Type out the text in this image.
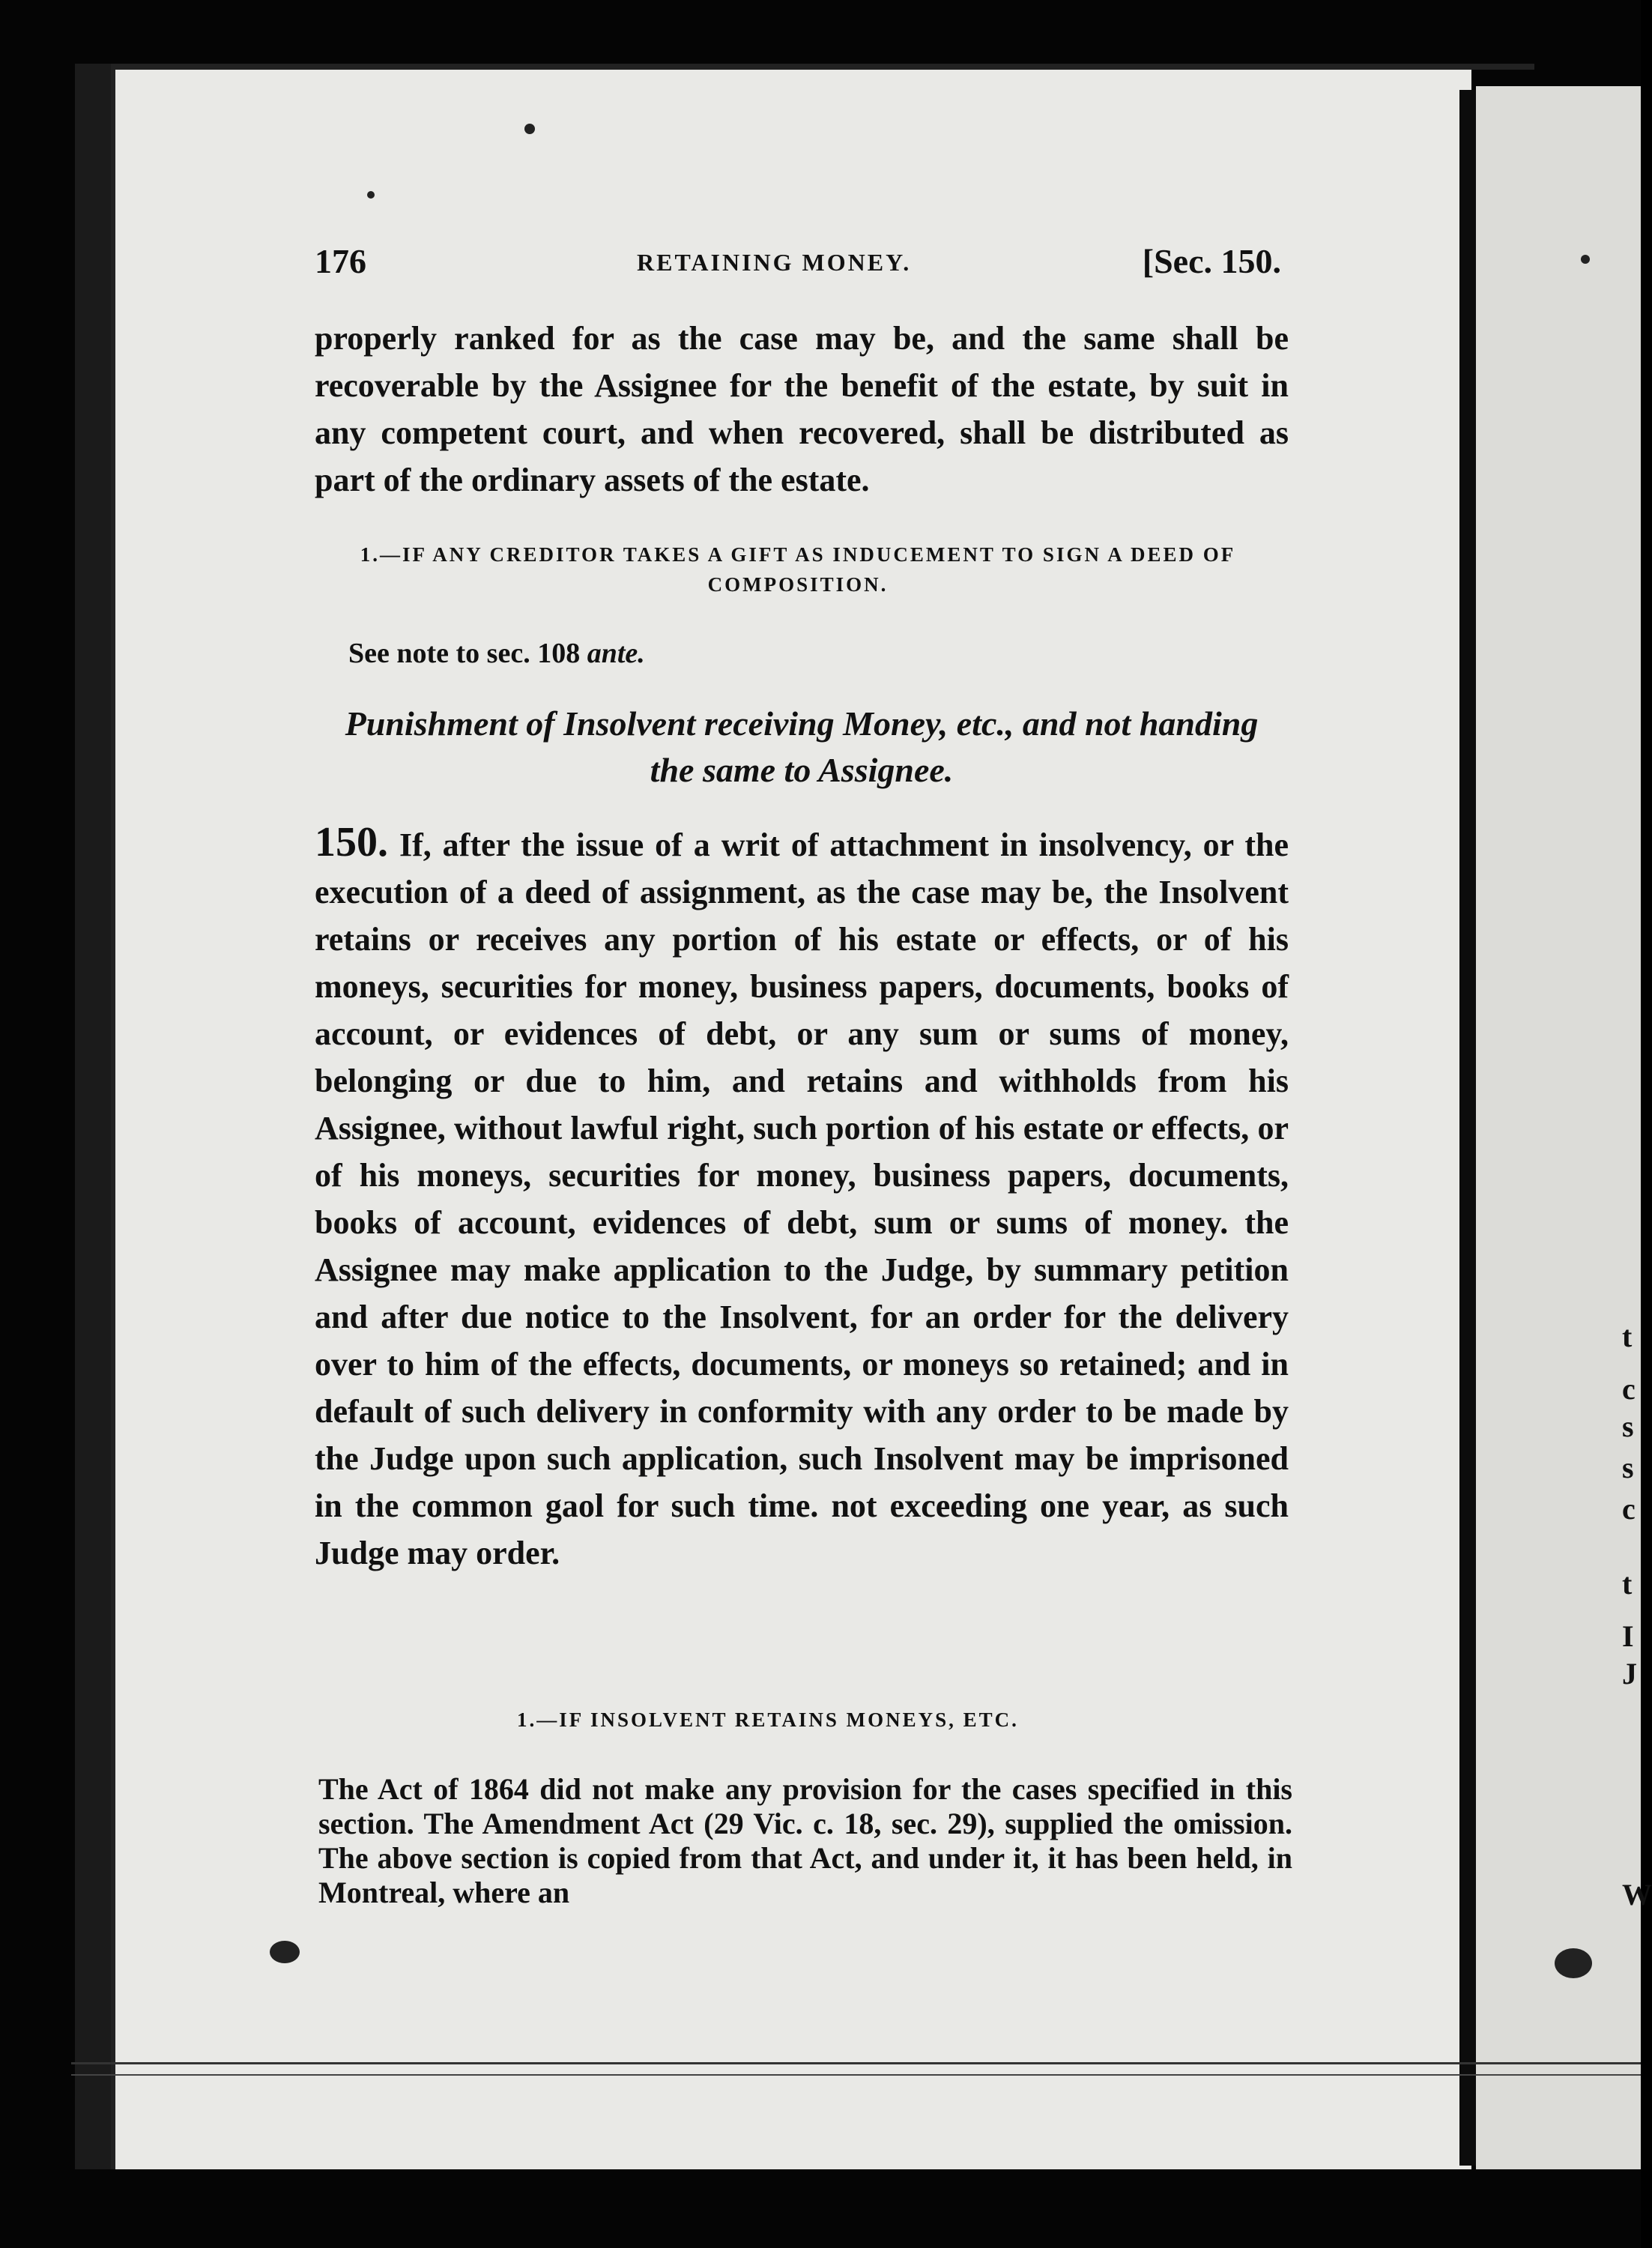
176	RETAINING MONEY.	[Sec. 150.
properly ranked for as the case may be, and the same shall be recoverable by the Assignee for the benefit of the estate, by suit in any competent court, and when recovered, shall be distributed as part of the ordinary assets of the estate.
1.—IF ANY CREDITOR TAKES A GIFT AS INDUCEMENT TO SIGN A DEED OF COMPOSITION.
See note to sec. 108 ante.
Punishment of Insolvent receiving Money, etc., and not handing the same to Assignee.
150. If, after the issue of a writ of attachment in insolvency, or the execution of a deed of assignment, as the case may be, the Insolvent retains or receives any portion of his estate or effects, or of his moneys, securities for money, business papers, documents, books of account, or evidences of debt, or any sum or sums of money, belonging or due to him, and retains and withholds from his Assignee, without lawful right, such portion of his estate or effects, or of his moneys, securities for money, business papers, documents, books of account, evidences of debt, sum or sums of money. the Assignee may make application to the Judge, by summary petition and after due notice to the Insolvent, for an order for the delivery over to him of the effects, documents, or moneys so retained; and in default of such delivery in conformity with any order to be made by the Judge upon such application, such Insolvent may be imprisoned in the common gaol for such time. not exceeding one year, as such Judge may order.
1.—IF INSOLVENT RETAINS MONEYS, ETC.
The Act of 1864 did not make any provision for the cases specified in this section. The Amendment Act (29 Vic. c. 18, sec. 29), supplied the omission. The above section is copied from that Act, and under it, it has been held, in Montreal, where an
t
c
s
s
c
t
I
J
W
